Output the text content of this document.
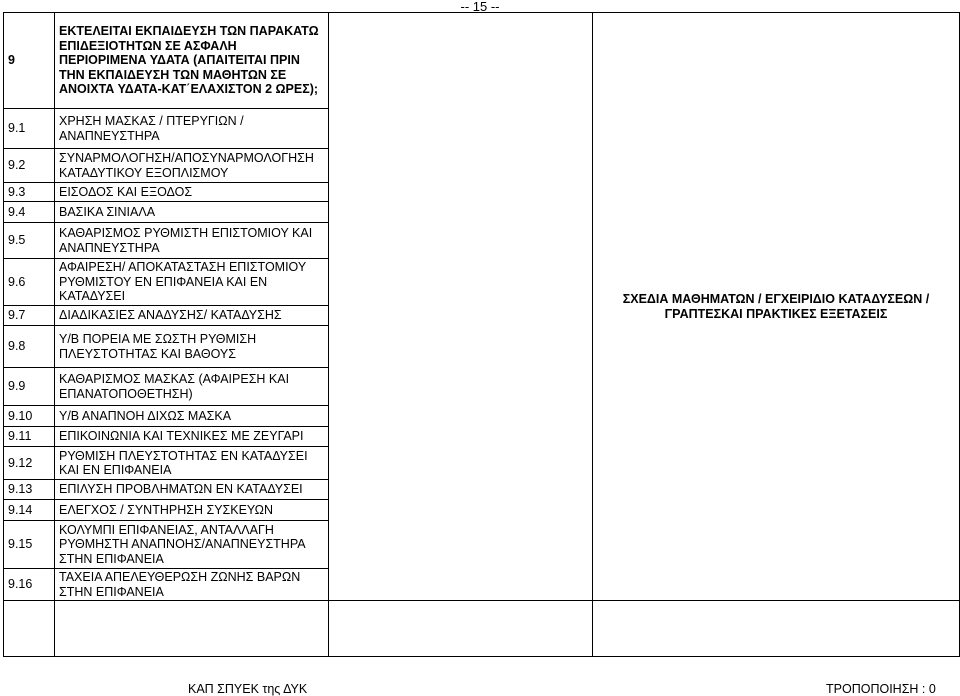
-- 15 --
9	ΕΚΤΕΛΕΙΤΑΙ ΕΚΠΑΙΔΕΥΣΗ ΤΩΝ ΠΑΡΑΚΑΤΩ ΕΠΙΔΕΞΙΟΤΗΤΩΝ ΣΕ ΑΣΦΑΛΗ ΠΕΡΙΟΡΙΜΕΝΑ ΥΔΑΤΑ (ΑΠΑΙΤΕΙΤΑΙ ΠΡΙΝ ΤΗΝ ΕΚΠΑΙΔΕΥΣΗ ΤΩΝ ΜΑΘΗΤΩΝ ΣΕ ΑΝΟΙΧΤΑ ΥΔΑΤΑ-ΚΑΤ΄ΕΛΑΧΙΣΤΟΝ 2 ΩΡΕΣ);		ΣΧΕΔΙΑ ΜΑΘΗΜΑΤΩΝ / ΕΓΧΕΙΡΙΔΙΟ ΚΑΤΑΔΥΣΕΩΝ /ΓΡΑΠΤΕΣΚΑΙ ΠΡΑΚΤΙΚΕΣ ΕΞΕΤΑΣΕΙΣ
9.1	ΧΡΗΣΗ ΜΑΣΚΑΣ / ΠΤΕΡΥΓΙΩΝ / ΑΝΑΠΝΕΥΣΤΗΡΑ		
9.2	ΣΥΝΑΡΜΟΛΟΓΗΣΗ/ΑΠΟΣΥΝΑΡΜΟΛΟΓΗΣΗ ΚΑΤΑΔΥΤΙΚΟΥ ΕΞΟΠΛΙΣΜΟΥ		
9.3	ΕΙΣΟΔΟΣ ΚΑΙ ΕΞΟΔΟΣ		
9.4	ΒΑΣΙΚΑ ΣΙΝΙΑΛΑ		
9.5	ΚΑΘΑΡΙΣΜΟΣ ΡΥΘΜΙΣΤΗ ΕΠΙΣΤΟΜΙΟΥ ΚΑΙ ΑΝΑΠΝΕΥΣΤΗΡΑ		
9.6	ΑΦΑΙΡΕΣΗ/ ΑΠΟΚΑΤΑΣΤΑΣΗ ΕΠΙΣΤΟΜΙΟΥ ΡΥΘΜΙΣΤΟΥ ΕΝ ΕΠΙΦΑΝΕΙΑ ΚΑΙ ΕΝ ΚΑΤΑΔΥΣΕΙ		
9.7	ΔΙΑΔΙΚΑΣΙΕΣ ΑΝΑΔΥΣΗΣ/ ΚΑΤΑΔΥΣΗΣ		
9.8	Υ/Β ΠΟΡΕΙΑ ΜΕ ΣΩΣΤΗ ΡΥΘΜΙΣΗ ΠΛΕΥΣΤΟΤΗΤΑΣ ΚΑΙ ΒΑΘΟΥΣ		
9.9	ΚΑΘΑΡΙΣΜΟΣ ΜΑΣΚΑΣ (ΑΦΑΙΡΕΣΗ ΚΑΙ ΕΠΑΝΑΤΟΠΟΘΕΤΗΣΗ)		
9.10	Υ/Β ΑΝΑΠΝΟΗ ΔΙΧΩΣ ΜΑΣΚΑ		
9.11	ΕΠΙΚΟΙΝΩΝΙΑ ΚΑΙ ΤΕΧΝΙΚΕΣ ΜΕ ΖΕΥΓΑΡΙ		
9.12	ΡΥΘΜΙΣΗ ΠΛΕΥΣΤΟΤΗΤΑΣ ΕΝ ΚΑΤΑΔΥΣΕΙ ΚΑΙ ΕΝ ΕΠΙΦΑΝΕΙΑ		
9.13	ΕΠΙΛΥΣΗ ΠΡΟΒΛΗΜΑΤΩΝ ΕΝ ΚΑΤΑΔΥΣΕΙ		
9.14	ΕΛΕΓΧΟΣ / ΣΥΝΤΗΡΗΣΗ ΣΥΣΚΕΥΩΝ		
9.15	ΚΟΛΥΜΠΙ ΕΠΙΦΑΝΕΙΑΣ, ΑΝΤΑΛΛΑΓΗ ΡΥΘΜΗΣΤΗ ΑΝΑΠΝΟΗΣ/ΑΝΑΠΝΕΥΣΤΗΡΑ ΣΤΗΝ ΕΠΙΦΑΝΕΙΑ		
9.16	ΤΑΧΕΙΑ ΑΠΕΛΕΥΘΕΡΩΣΗ ΖΩΝΗΣ ΒΑΡΩΝ ΣΤΗΝ ΕΠΙΦΑΝΕΙΑ		

ΚΑΠ ΣΠΥΕΚ της ΔΥΚ	ΤΡΟΠΟΠΟΙΗΣΗ : 0
